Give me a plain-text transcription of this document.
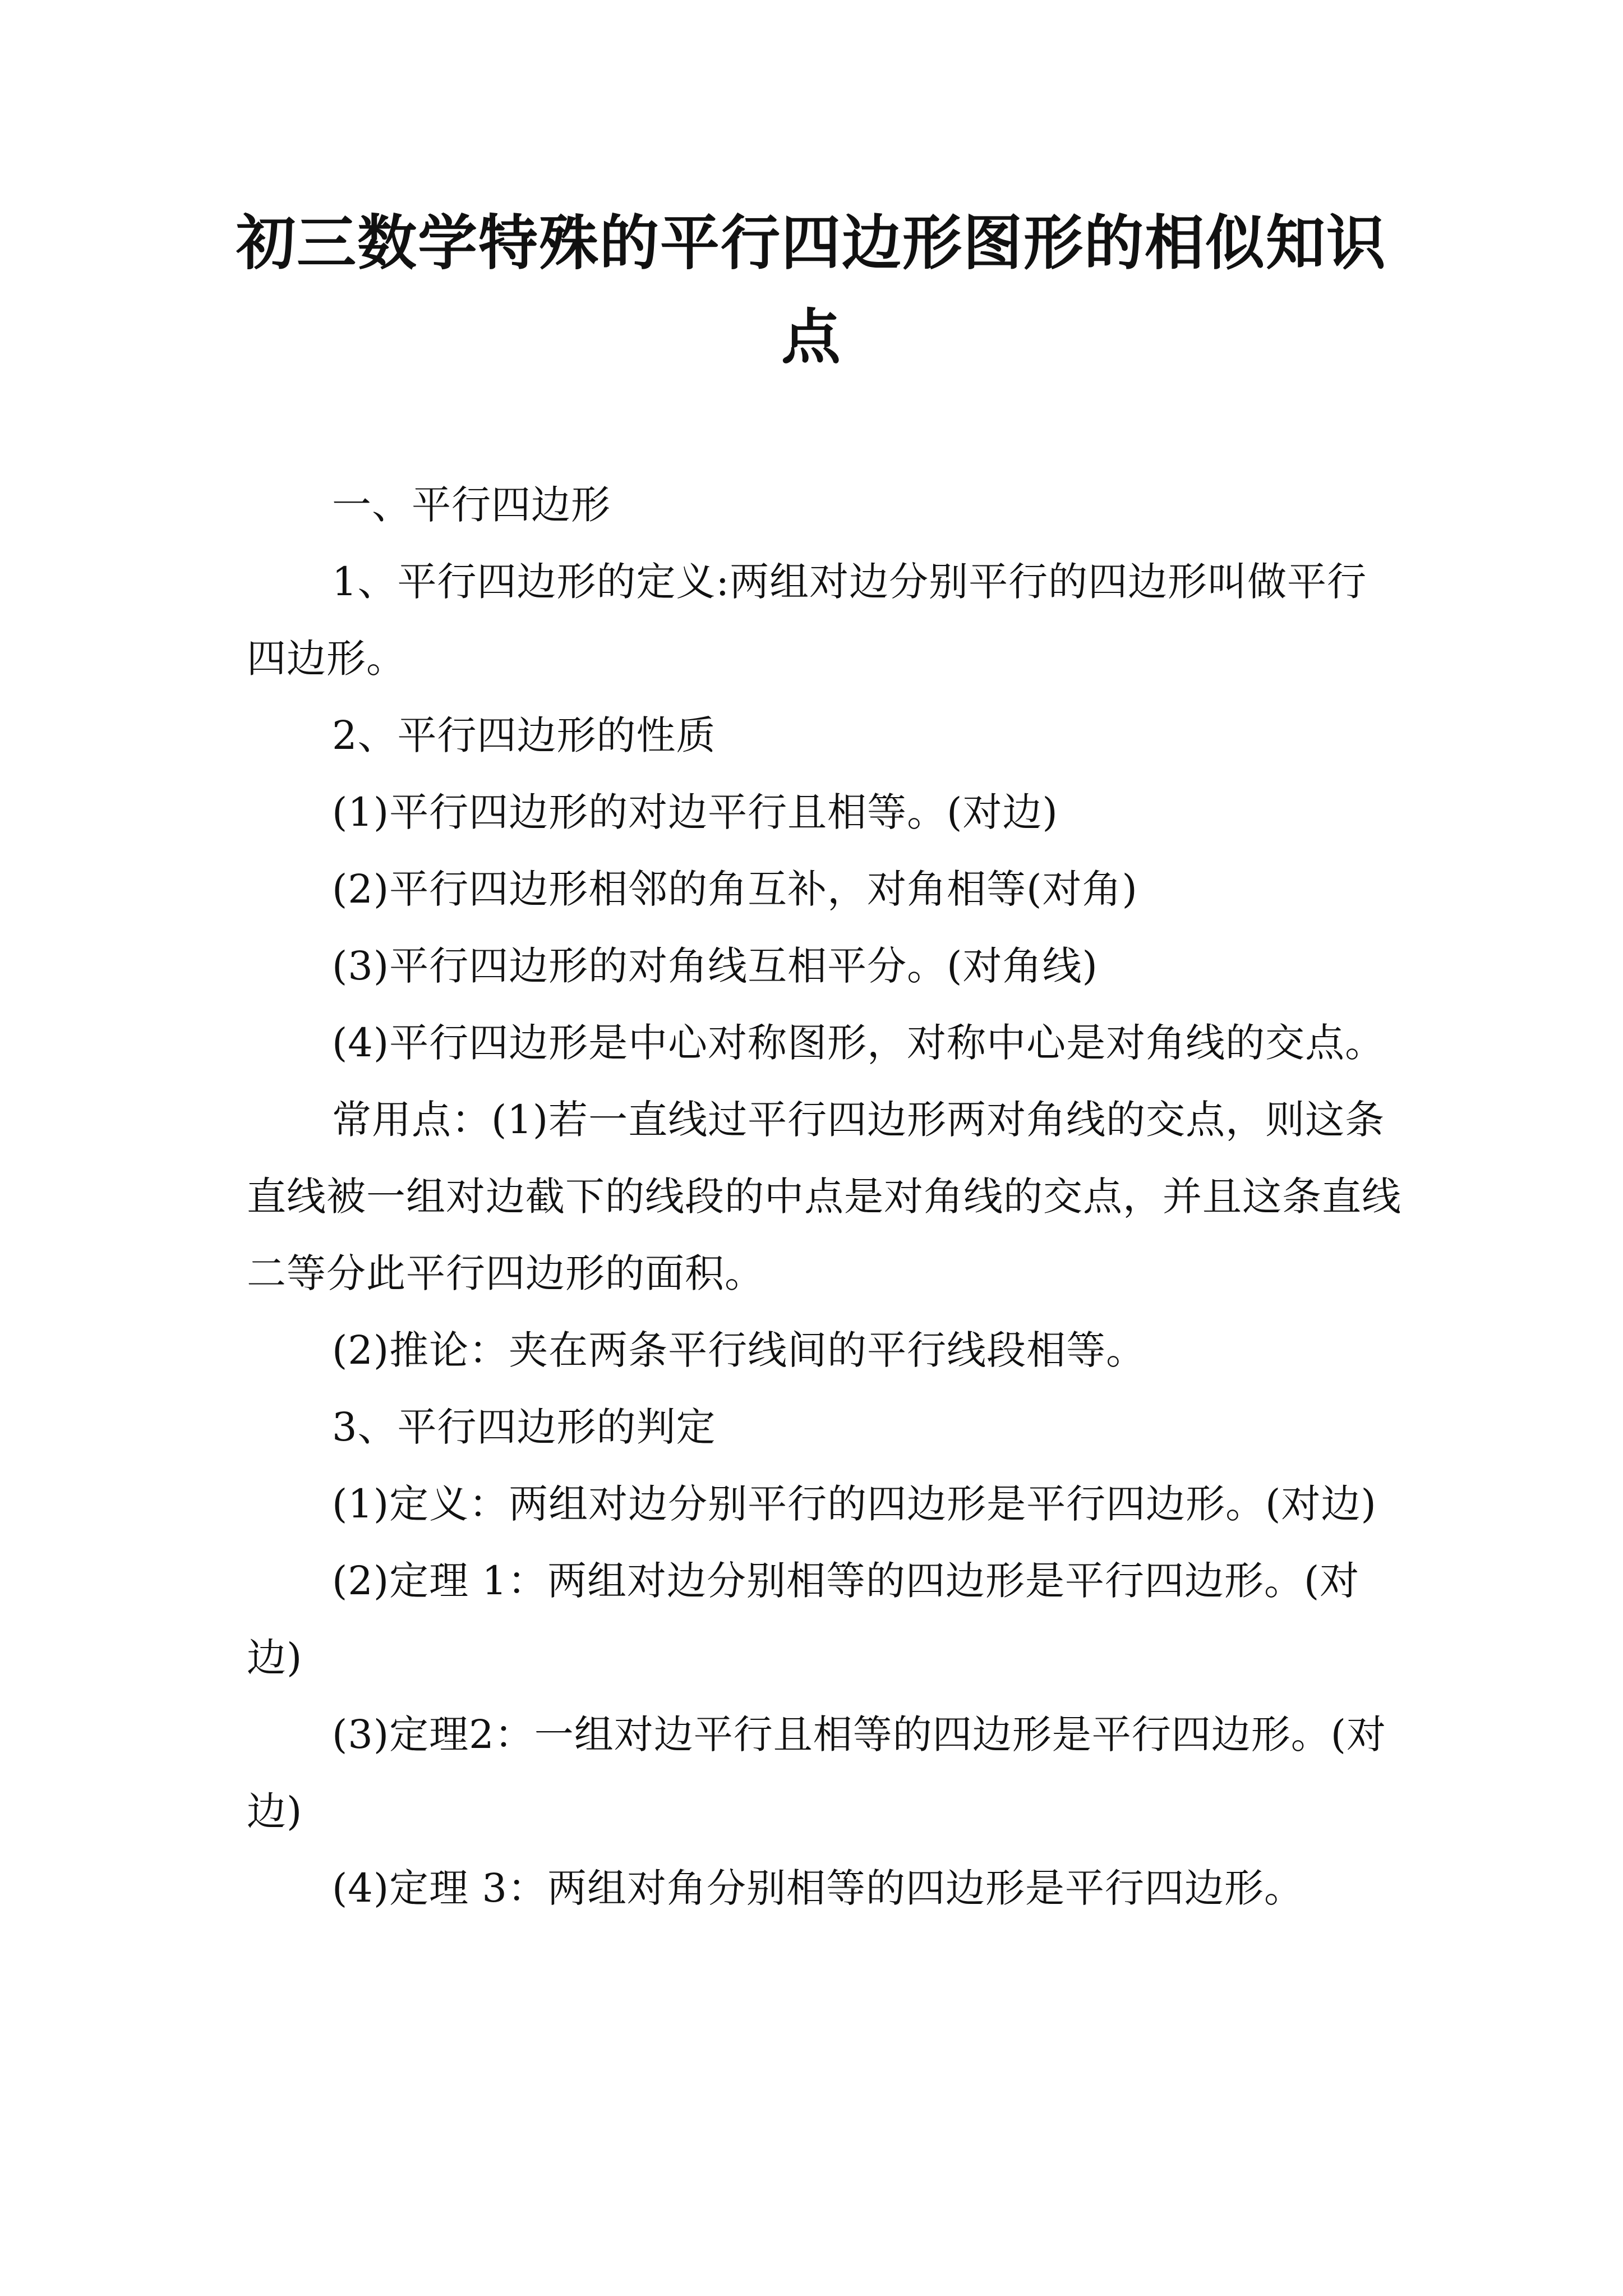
初三数学特殊的平行四边形图形的相似知识点

一、平行四边形

1、平行四边形的定义:两组对边分别平行的四边形叫做平行四边形。

2、平行四边形的性质

(1)平行四边形的对边平行且相等。(对边)

(2)平行四边形相邻的角互补，对角相等(对角)

(3)平行四边形的对角线互相平分。(对角线)

(4)平行四边形是中心对称图形，对称中心是对角线的交点。

常用点：(1)若一直线过平行四边形两对角线的交点，则这条直线被一组对边截下的线段的中点是对角线的交点，并且这条直线二等分此平行四边形的面积。

(2)推论：夹在两条平行线间的平行线段相等。

3、平行四边形的判定

(1)定义：两组对边分别平行的四边形是平行四边形。(对边)

(2)定理 1：两组对边分别相等的四边形是平行四边形。(对边)

(3)定理2：一组对边平行且相等的四边形是平行四边形。(对边)

(4)定理 3：两组对角分别相等的四边形是平行四边形。
